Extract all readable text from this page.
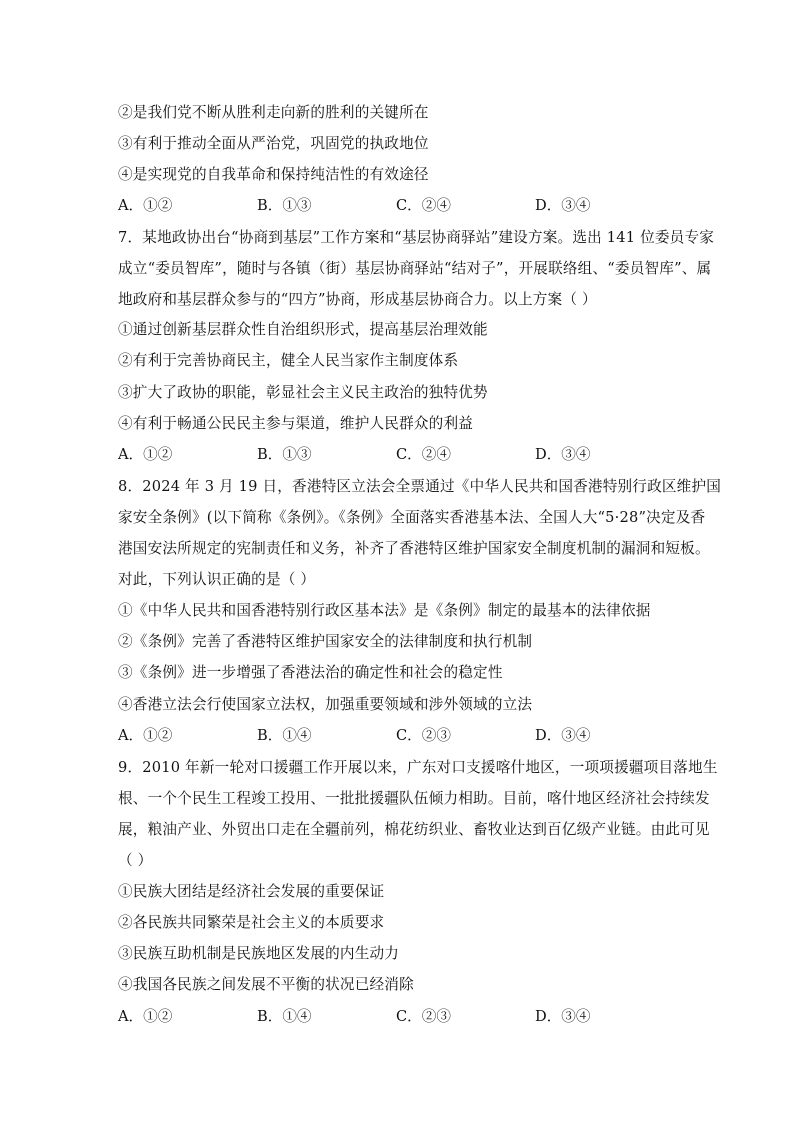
②是我们党不断从胜利走向新的胜利的关键所在
③有利于推动全面从严治党，巩固党的执政地位
④是实现党的自我革命和保持纯洁性的有效途径
A．①②	B．①③	C．②④	D．③④
7．某地政协出台“协商到基层”工作方案和“基层协商驿站”建设方案。选出 141 位委员专家
成立“委员智库”，随时与各镇（街）基层协商驿站“结对子”，开展联络组、“委员智库”、属
地政府和基层群众参与的“四方”协商，形成基层协商合力。以上方案（ ）
①通过创新基层群众性自治组织形式，提高基层治理效能
②有利于完善协商民主，健全人民当家作主制度体系
③扩大了政协的职能，彰显社会主义民主政治的独特优势
④有利于畅通公民民主参与渠道，维护人民群众的利益
A．①②	B．①③	C．②④	D．③④
8．2024 年 3 月 19 日，香港特区立法会全票通过《中华人民共和国香港特别行政区维护国
家安全条例》(以下简称《条例》。《条例》全面落实香港基本法、全国人大“5·28”决定及香
港国安法所规定的宪制责任和义务，补齐了香港特区维护国家安全制度机制的漏洞和短板。
对此，下列认识正确的是（ ）
①《中华人民共和国香港特别行政区基本法》是《条例》制定的最基本的法律依据
②《条例》完善了香港特区维护国家安全的法律制度和执行机制
③《条例》进一步增强了香港法治的确定性和社会的稳定性
④香港立法会行使国家立法权，加强重要领域和涉外领域的立法
A．①②	B．①④	C．②③	D．③④
9．2010 年新一轮对口援疆工作开展以来，广东对口支援喀什地区，一项项援疆项目落地生
根、一个个民生工程竣工投用、一批批援疆队伍倾力相助。目前，喀什地区经济社会持续发
展，粮油产业、外贸出口走在全疆前列，棉花纺织业、畜牧业达到百亿级产业链。由此可见
（ ）
①民族大团结是经济社会发展的重要保证
②各民族共同繁荣是社会主义的本质要求
③民族互助机制是民族地区发展的内生动力
④我国各民族之间发展不平衡的状况已经消除
A．①②	B．①④	C．②③	D．③④
